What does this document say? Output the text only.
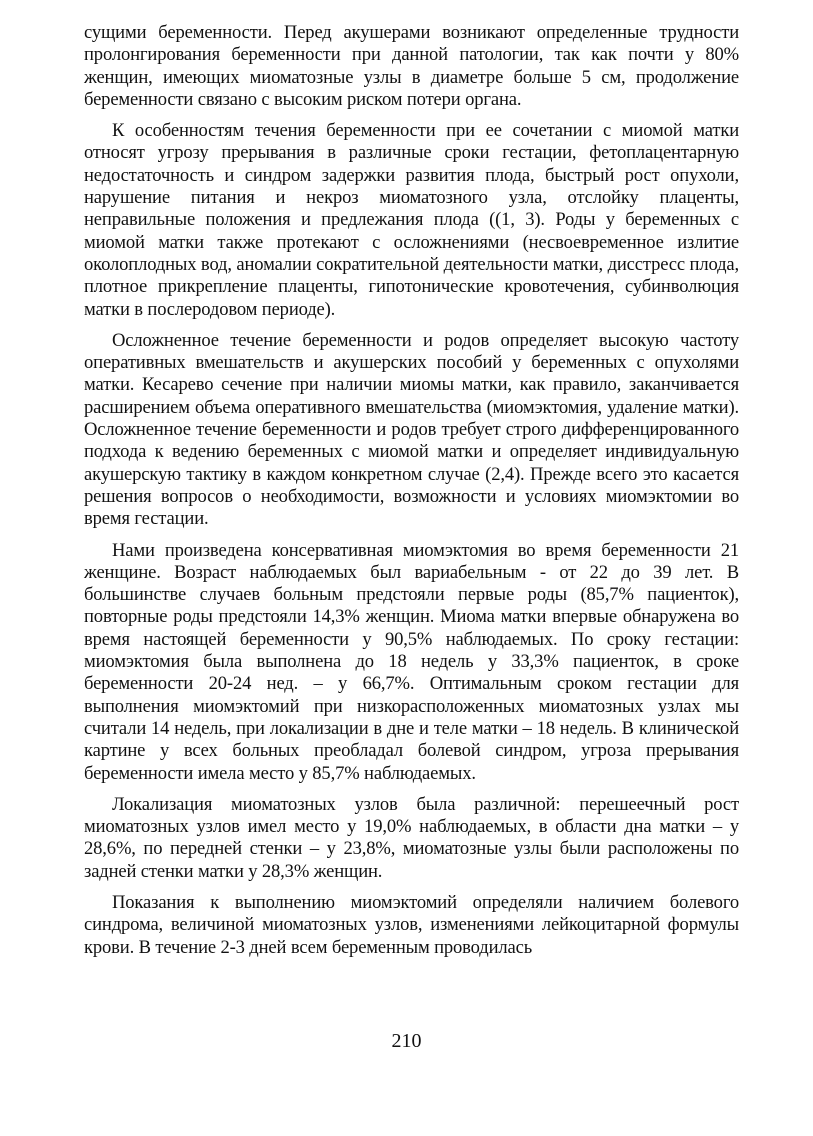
сущими беременности. Перед акушерами возникают определенные трудности пролонгирования беременности при данной патологии, так как почти у 80% женщин, имеющих миоматозные узлы в диаметре больше 5 см, продолжение беременности связано с высоким риском потери органа.

К особенностям течения беременности при ее сочетании с миомой матки относят угрозу прерывания в различные сроки гестации, фетоплацентарную недостаточность и синдром задержки развития плода, быстрый рост опухоли, нарушение питания и некроз миоматозного узла, отслойку плаценты, неправильные положения и предлежания плода ((1, 3). Роды у беременных с миомой матки также протекают с осложнениями (несвоевременное излитие околоплодных вод, аномалии сократительной деятельности матки, дисстресс плода, плотное прикрепление плаценты, гипотонические кровотечения, субинволюция матки в послеродовом периоде).

Осложненное течение беременности и родов определяет высокую частоту оперативных вмешательств и акушерских пособий у беременных с опухолями матки. Кесарево сечение при наличии миомы матки, как правило, заканчивается расширением объема оперативного вмешательства (миомэктомия, удаление матки). Осложненное течение беременности и родов требует строго дифференцированного подхода к ведению беременных с миомой матки и определяет индивидуальную акушерскую тактику в каждом конкретном случае (2,4). Прежде всего это касается решения вопросов о необходимости, возможности и условиях миомэктомии во время гестации.

Нами произведена консервативная миомэктомия во время беременности 21 женщине. Возраст наблюдаемых был вариабельным - от 22 до 39 лет. В большинстве случаев больным предстояли первые роды (85,7% пациенток), повторные роды предстояли 14,3% женщин. Миома матки впервые обнаружена во время настоящей беременности у 90,5% наблюдаемых. По сроку гестации: миомэктомия была выполнена до 18 недель у 33,3% пациенток, в сроке беременности 20-24 нед. – у 66,7%. Оптимальным сроком гестации для выполнения миомэктомий при низкорасположенных миоматозных узлах мы считали 14 недель, при локализации в дне и теле матки – 18 недель. В клинической картине у всех больных преобладал болевой синдром, угроза прерывания беременности имела место у 85,7% наблюдаемых.

Локализация миоматозных узлов была различной: перешеечный рост миоматозных узлов имел место у 19,0% наблюдаемых, в области дна матки – у 28,6%, по передней стенки – у 23,8%, миоматозные узлы были расположены по задней стенки матки у 28,3% женщин.

Показания к выполнению миомэктомий определяли наличием болевого синдрома, величиной миоматозных узлов, изменениями лейкоцитарной формулы крови. В течение 2-3 дней всем беременным проводилась

210
